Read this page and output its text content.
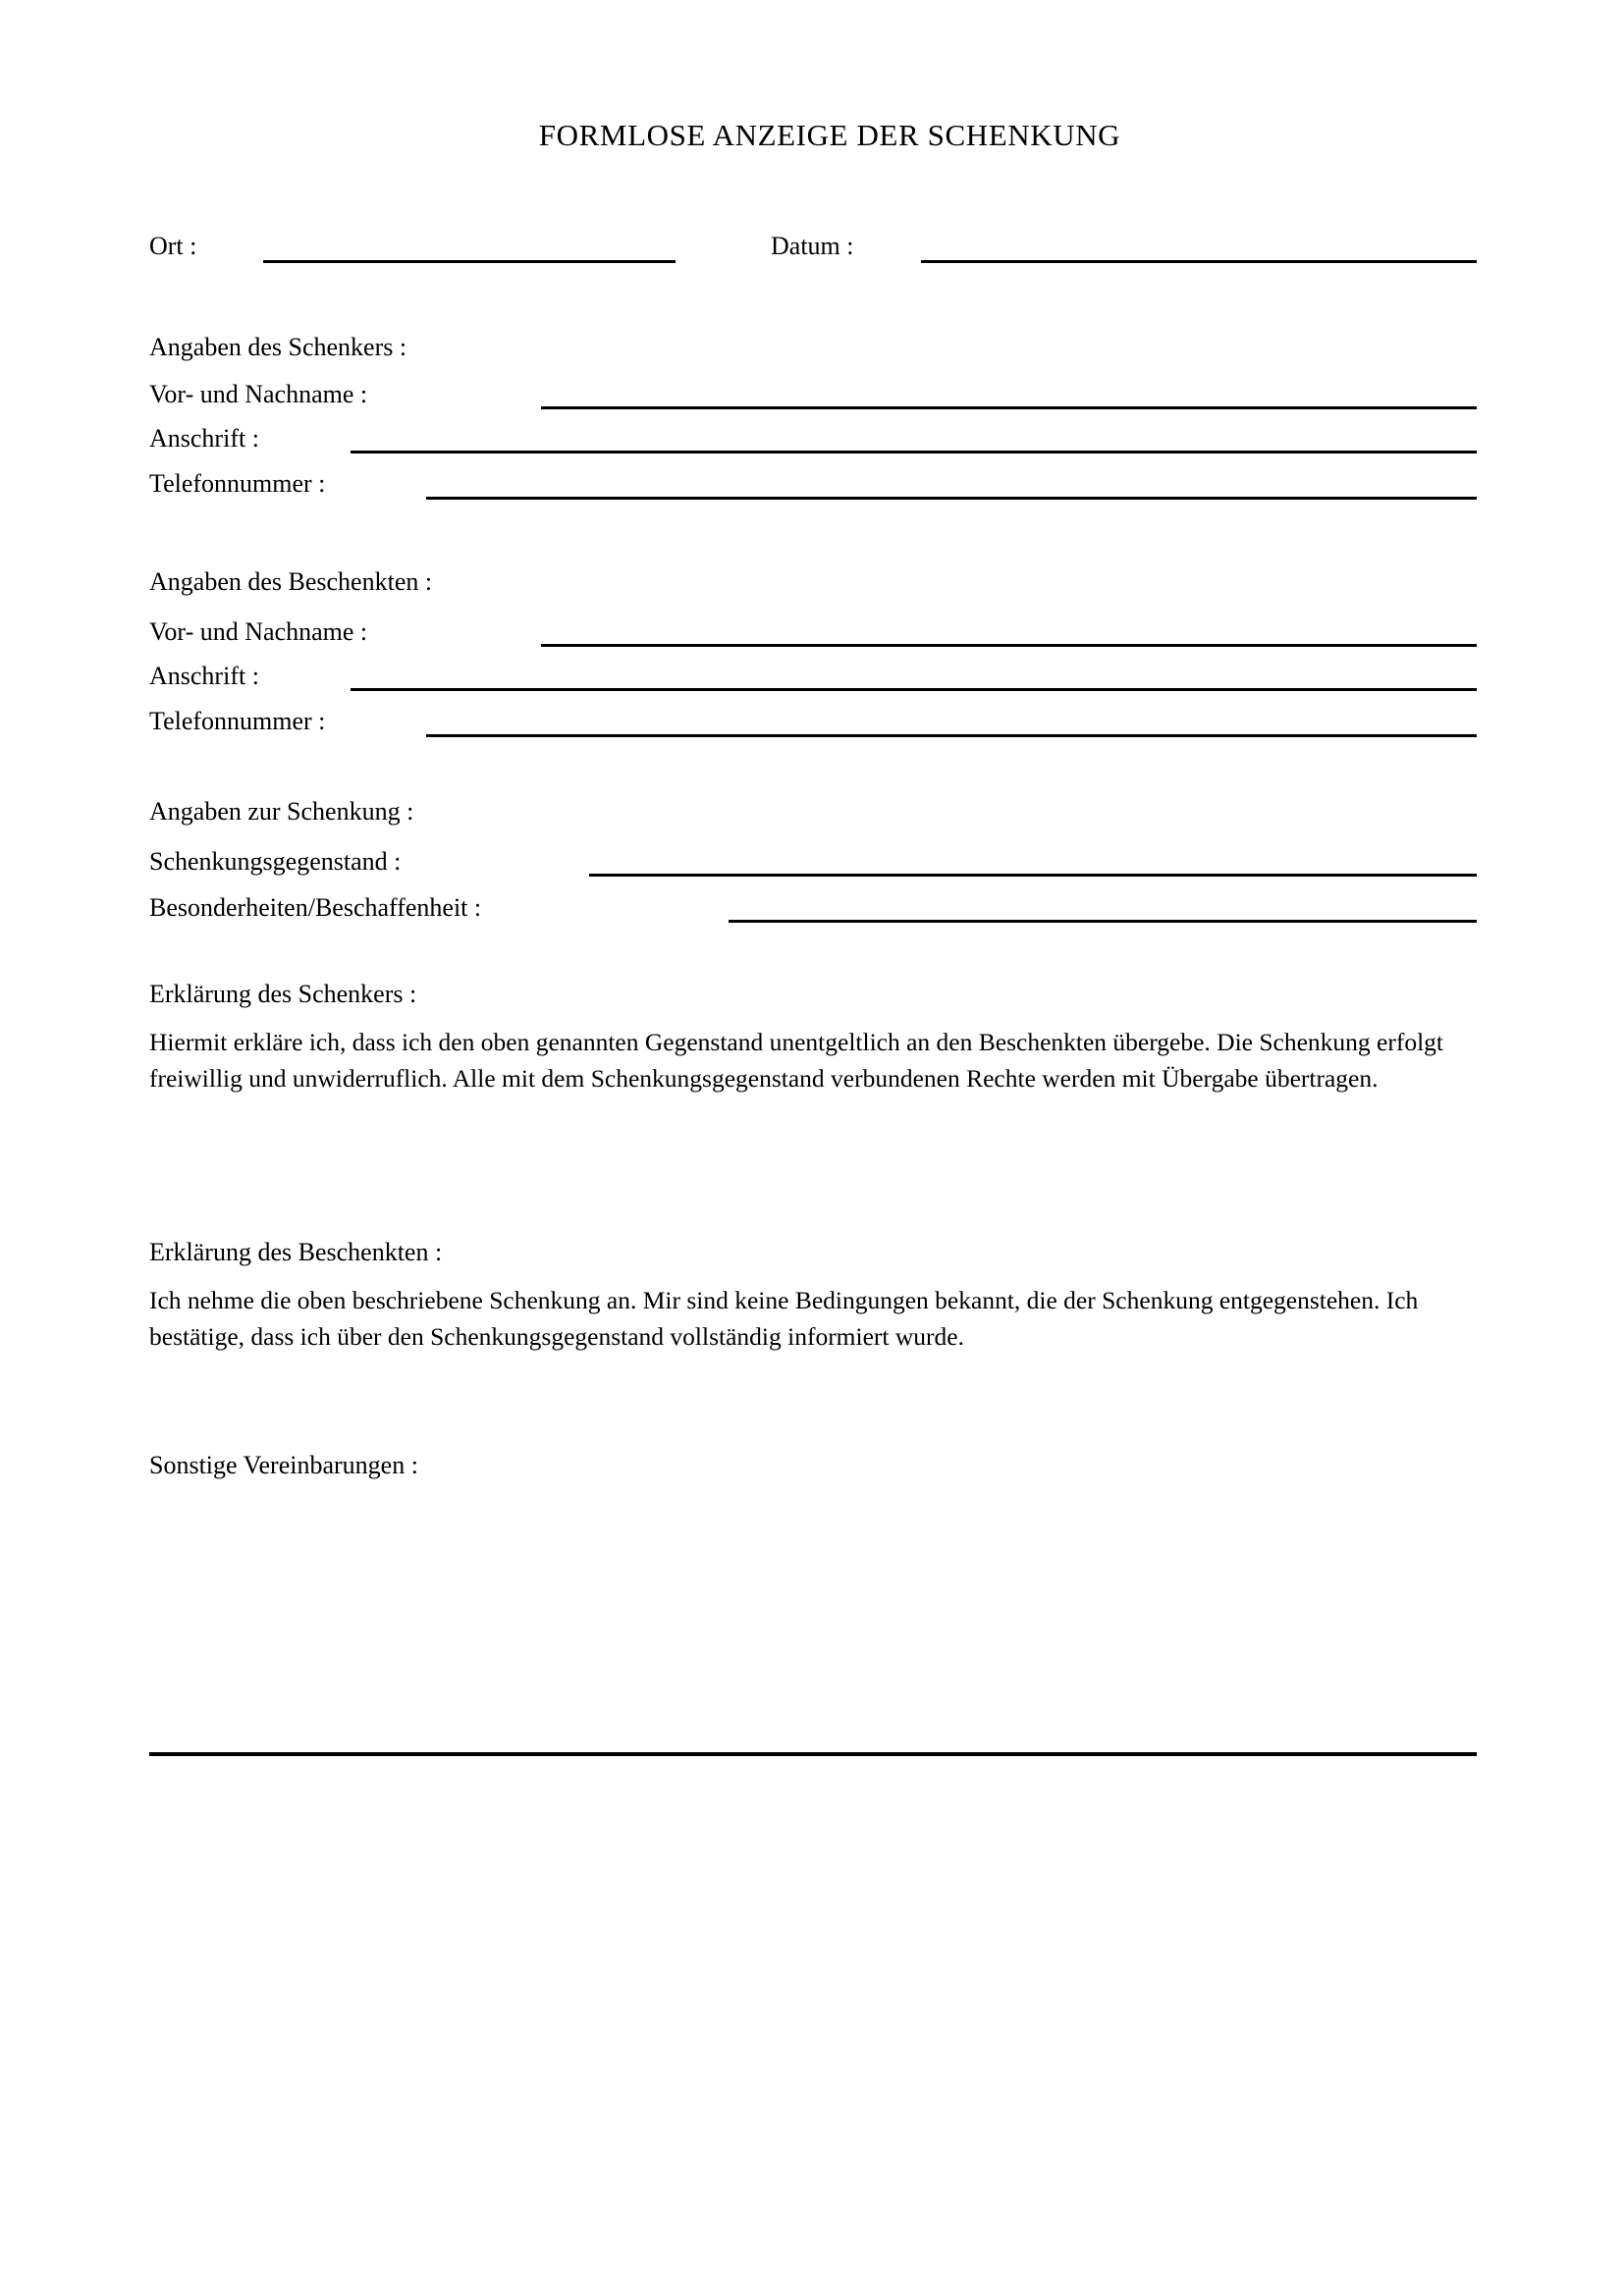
FORMLOSE ANZEIGE DER SCHENKUNG
Ort :	Datum :
Angaben des Schenkers :
Vor- und Nachname :
Anschrift :
Telefonnummer :
Angaben des Beschenkten :
Vor- und Nachname :
Anschrift :
Telefonnummer :
Angaben zur Schenkung :
Schenkungsgegenstand :
Besonderheiten/Beschaffenheit :
Erklärung des Schenkers :
Hiermit erkläre ich, dass ich den oben genannten Gegenstand unentgeltlich an den Beschenkten übergebe. Die Schenkung erfolgt freiwillig und unwiderruflich. Alle mit dem Schenkungsgegenstand verbundenen Rechte werden mit Übergabe übertragen.
Erklärung des Beschenkten :
Ich nehme die oben beschriebene Schenkung an. Mir sind keine Bedingungen bekannt, die der Schenkung entgegenstehen. Ich bestätige, dass ich über den Schenkungsgegenstand vollständig informiert wurde.
Sonstige Vereinbarungen :
